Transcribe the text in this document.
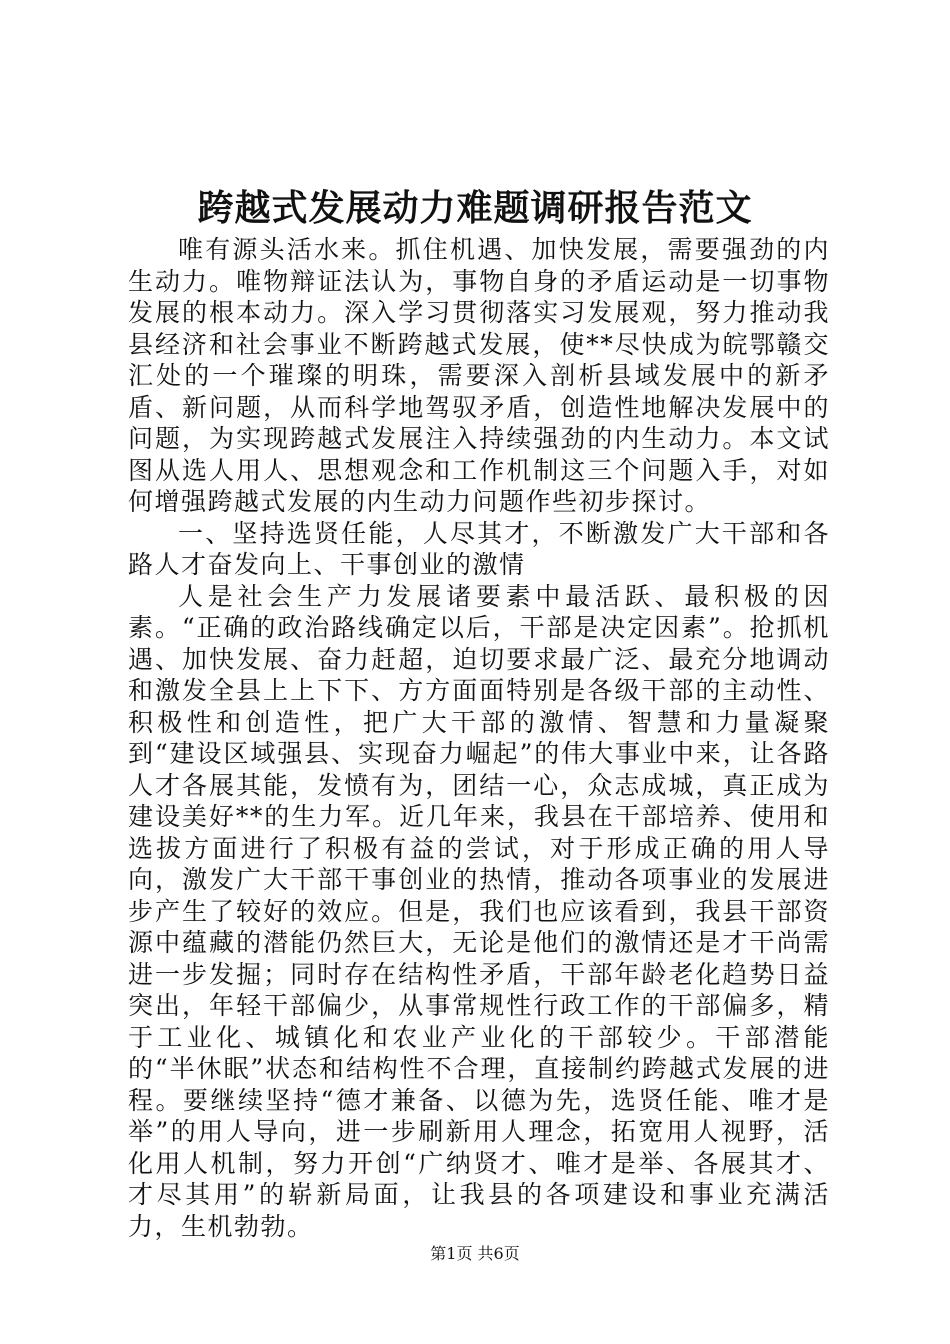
跨越式发展动力难题调研报告范文

唯有源头活水来。抓住机遇、加快发展，需要强劲的内生动力。唯物辩证法认为，事物自身的矛盾运动是一切事物发展的根本动力。深入学习贯彻落实习发展观，努力推动我县经济和社会事业不断跨越式发展，使**尽快成为皖鄂赣交汇处的一个璀璨的明珠，需要深入剖析县域发展中的新矛盾、新问题，从而科学地驾驭矛盾，创造性地解决发展中的问题，为实现跨越式发展注入持续强劲的内生动力。本文试图从选人用人、思想观念和工作机制这三个问题入手，对如何增强跨越式发展的内生动力问题作些初步探讨。

一、坚持选贤任能，人尽其才，不断激发广大干部和各路人才奋发向上、干事创业的激情

人是社会生产力发展诸要素中最活跃、最积极的因素。“正确的政治路线确定以后，干部是决定因素”。抢抓机遇、加快发展、奋力赶超，迫切要求最广泛、最充分地调动和激发全县上上下下、方方面面特别是各级干部的主动性、积极性和创造性，把广大干部的激情、智慧和力量凝聚到“建设区域强县、实现奋力崛起”的伟大事业中来，让各路人才各展其能，发愤有为，团结一心，众志成城，真正成为建设美好**的生力军。近几年来，我县在干部培养、使用和选拔方面进行了积极有益的尝试，对于形成正确的用人导向，激发广大干部干事创业的热情，推动各项事业的发展进步产生了较好的效应。但是，我们也应该看到，我县干部资源中蕴藏的潜能仍然巨大，无论是他们的激情还是才干尚需进一步发掘；同时存在结构性矛盾，干部年龄老化趋势日益突出，年轻干部偏少，从事常规性行政工作的干部偏多，精于工业化、城镇化和农业产业化的干部较少。干部潜能的“半休眠”状态和结构性不合理，直接制约跨越式发展的进程。要继续坚持“德才兼备、以德为先，选贤任能、唯才是举”的用人导向，进一步刷新用人理念，拓宽用人视野，活化用人机制，努力开创“广纳贤才、唯才是举、各展其才、才尽其用”的崭新局面，让我县的各项建设和事业充满活力，生机勃勃。

第1页 共6页
